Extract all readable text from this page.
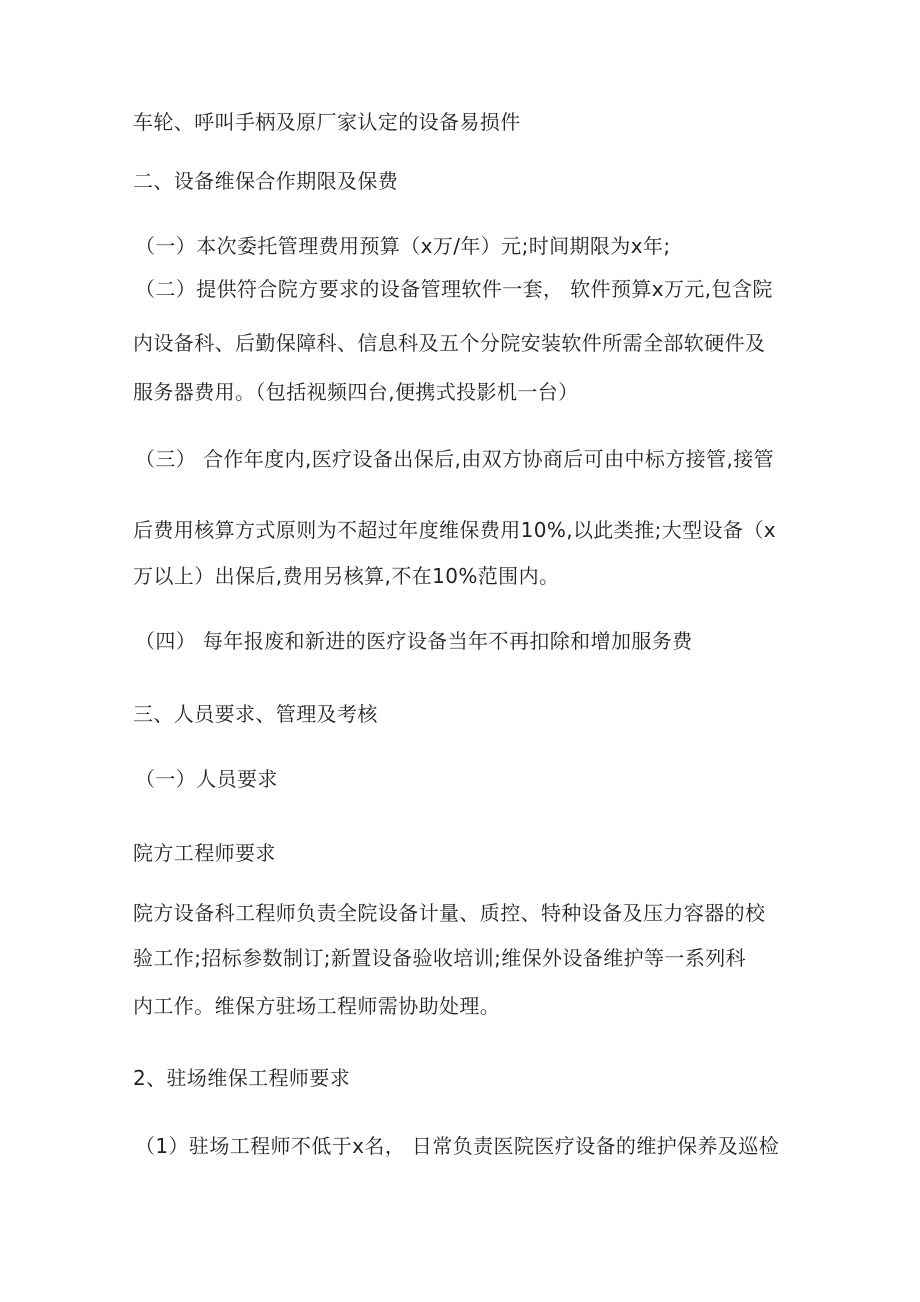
车轮、呼叫手柄及原厂家认定的设备易损件
二、设备维保合作期限及保费
（一）本次委托管理费用预算（x万/年）元;时间期限为x年;
（二）提供符合院方要求的设备管理软件一套， 软件预算x万元,包含院
内设备科、后勤保障科、信息科及五个分院安装软件所需全部软硬件及
服务器费用。（包括视频四台,便携式投影机一台）
（三） 合作年度内,医疗设备出保后,由双方协商后可由中标方接管,接管
后费用核算方式原则为不超过年度维保费用10%,以此类推;大型设备（x
万以上）出保后,费用另核算,不在10%范围内。
（四） 每年报废和新进的医疗设备当年不再扣除和增加服务费
三、人员要求、管理及考核
（一）人员要求
院方工程师要求
院方设备科工程师负责全院设备计量、质控、特种设备及压力容器的校
验工作;招标参数制订;新置设备验收培训;维保外设备维护等一系列科
内工作。维保方驻场工程师需协助处理。
2、驻场维保工程师要求
（1）驻场工程师不低于x名， 日常负责医院医疗设备的维护保养及巡检
